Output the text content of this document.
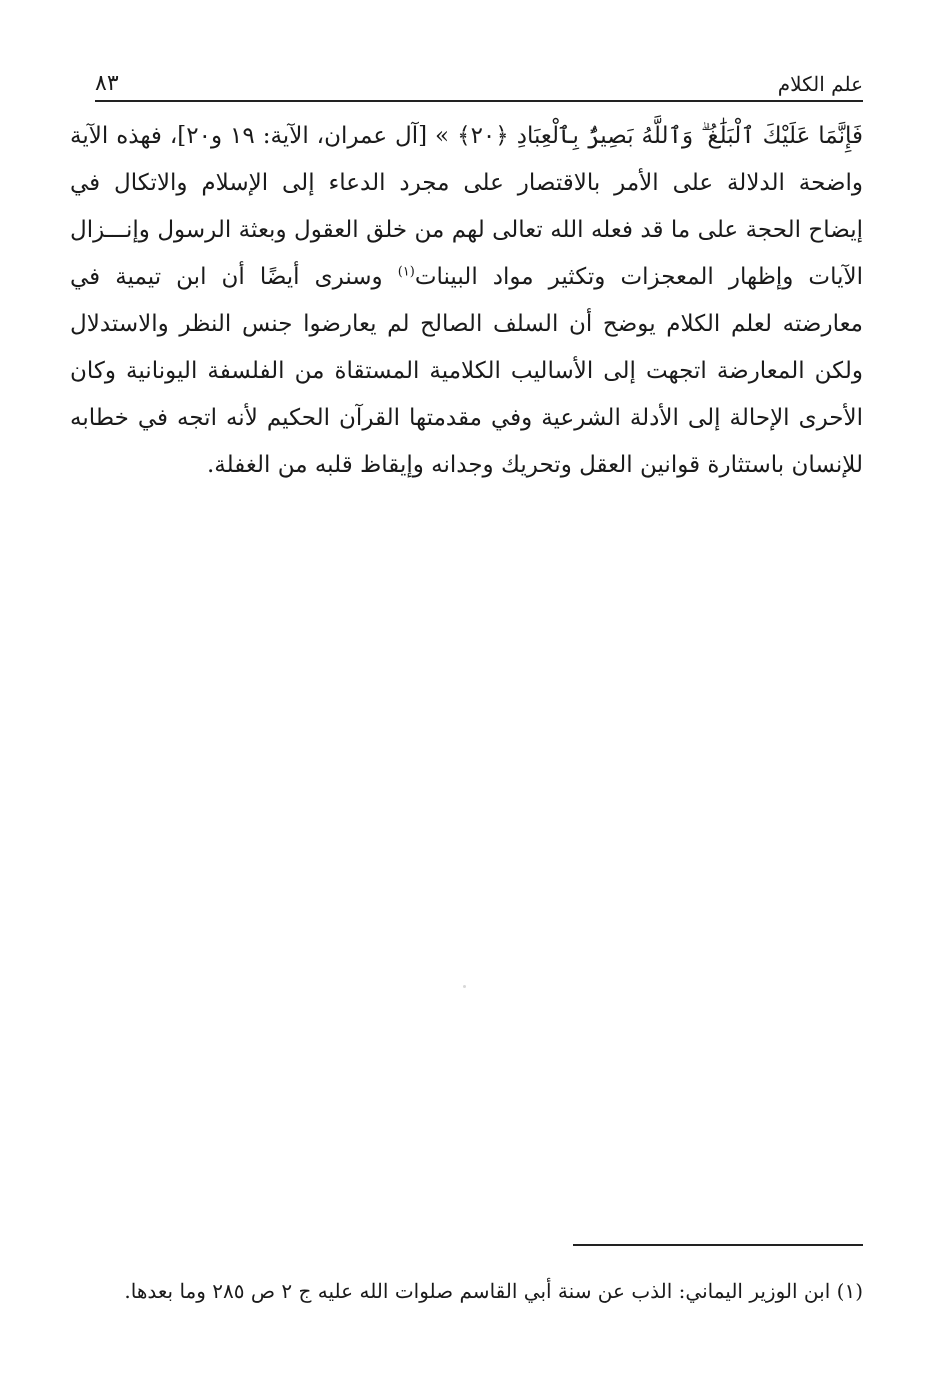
علم الكلام
٨٣
فَإِنَّمَا عَلَيْكَ ٱلْبَلَٰغُ ۗ وَٱللَّهُ بَصِيرٌۢ بِٱلْعِبَادِ ﴿٢٠﴾ » [آل عمران، الآية: ١٩ و٢٠]، فهذه الآية
واضحة الدلالة على الأمر بالاقتصار على مجرد الدعاء إلى الإسلام والاتكال في
إيضاح الحجة على ما قد فعله الله تعالى لهم من خلق العقول وبعثة الرسول وإنـــزال
الآيات وإظهار المعجزات وتكثير مواد البينات$^{(١)}$ وسنرى أيضًا أن ابن تيمية في
معارضته لعلم الكلام يوضح أن السلف الصالح لم يعارضوا جنس النظر والاستدلال
ولكن المعارضة اتجهت إلى الأساليب الكلامية المستقاة من الفلسفة اليونانية وكان
الأحرى الإحالة إلى الأدلة الشرعية وفي مقدمتها القرآن الحكيم لأنه اتجه في خطابه
للإنسان باستثارة قوانين العقل وتحريك وجدانه وإيقاظ قلبه من الغفلة.
(١) ابن الوزير اليماني: الذب عن سنة أبي القاسم صلوات الله عليه ج ٢ ص ٢٨٥ وما بعدها.
